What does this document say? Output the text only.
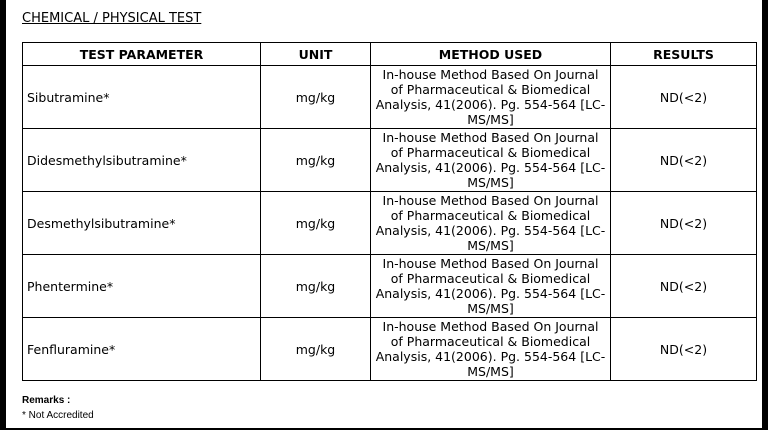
CHEMICAL / PHYSICAL TEST
TEST PARAMETER	UNIT	METHOD USED	RESULTS
Sibutramine*	mg/kg	In-house Method Based On Journal of Pharmaceutical & Biomedical Analysis, 41(2006). Pg. 554-564 [LC-MS/MS]	ND(<2)
Didesmethylsibutramine*	mg/kg	In-house Method Based On Journal of Pharmaceutical & Biomedical Analysis, 41(2006). Pg. 554-564 [LC-MS/MS]	ND(<2)
Desmethylsibutramine*	mg/kg	In-house Method Based On Journal of Pharmaceutical & Biomedical Analysis, 41(2006). Pg. 554-564 [LC-MS/MS]	ND(<2)
Phentermine*	mg/kg	In-house Method Based On Journal of Pharmaceutical & Biomedical Analysis, 41(2006). Pg. 554-564 [LC-MS/MS]	ND(<2)
Fenfluramine*	mg/kg	In-house Method Based On Journal of Pharmaceutical & Biomedical Analysis, 41(2006). Pg. 554-564 [LC-MS/MS]	ND(<2)
Remarks :
* Not Accredited
